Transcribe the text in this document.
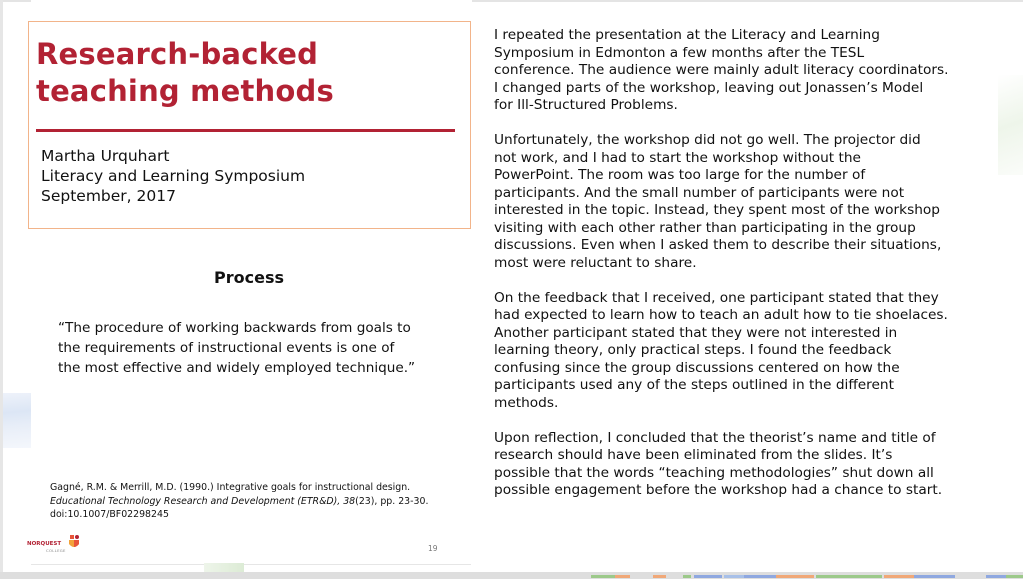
Research-backed
teaching methods
Martha Urquhart
Literacy and Learning Symposium
September, 2017
Process
“The procedure of working backwards from goals to
the requirements of instructional events is one of
the most effective and widely employed technique.”
Gagné, R.M. & Merrill, M.D. (1990.) Integrative goals for instructional design.
Educational Technology Research and Development (ETR&D), 38(23), pp. 23-30.
doi:10.1007/BF02298245
NORQUEST
COLLEGE	19
I repeated the presentation at the Literacy and Learning
Symposium in Edmonton a few months after the TESL
conference. The audience were mainly adult literacy coordinators.
I changed parts of the workshop, leaving out Jonassen’s Model
for Ill-Structured Problems.
Unfortunately, the workshop did not go well. The projector did
not work, and I had to start the workshop without the
PowerPoint. The room was too large for the number of
participants. And the small number of participants were not
interested in the topic. Instead, they spent most of the workshop
visiting with each other rather than participating in the group
discussions. Even when I asked them to describe their situations,
most were reluctant to share.
On the feedback that I received, one participant stated that they
had expected to learn how to teach an adult how to tie shoelaces.
Another participant stated that they were not interested in
learning theory, only practical steps. I found the feedback
confusing since the group discussions centered on how the
participants used any of the steps outlined in the different
methods.
Upon reflection, I concluded that the theorist’s name and title of
research should have been eliminated from the slides. It’s
possible that the words “teaching methodologies” shut down all
possible engagement before the workshop had a chance to start.
